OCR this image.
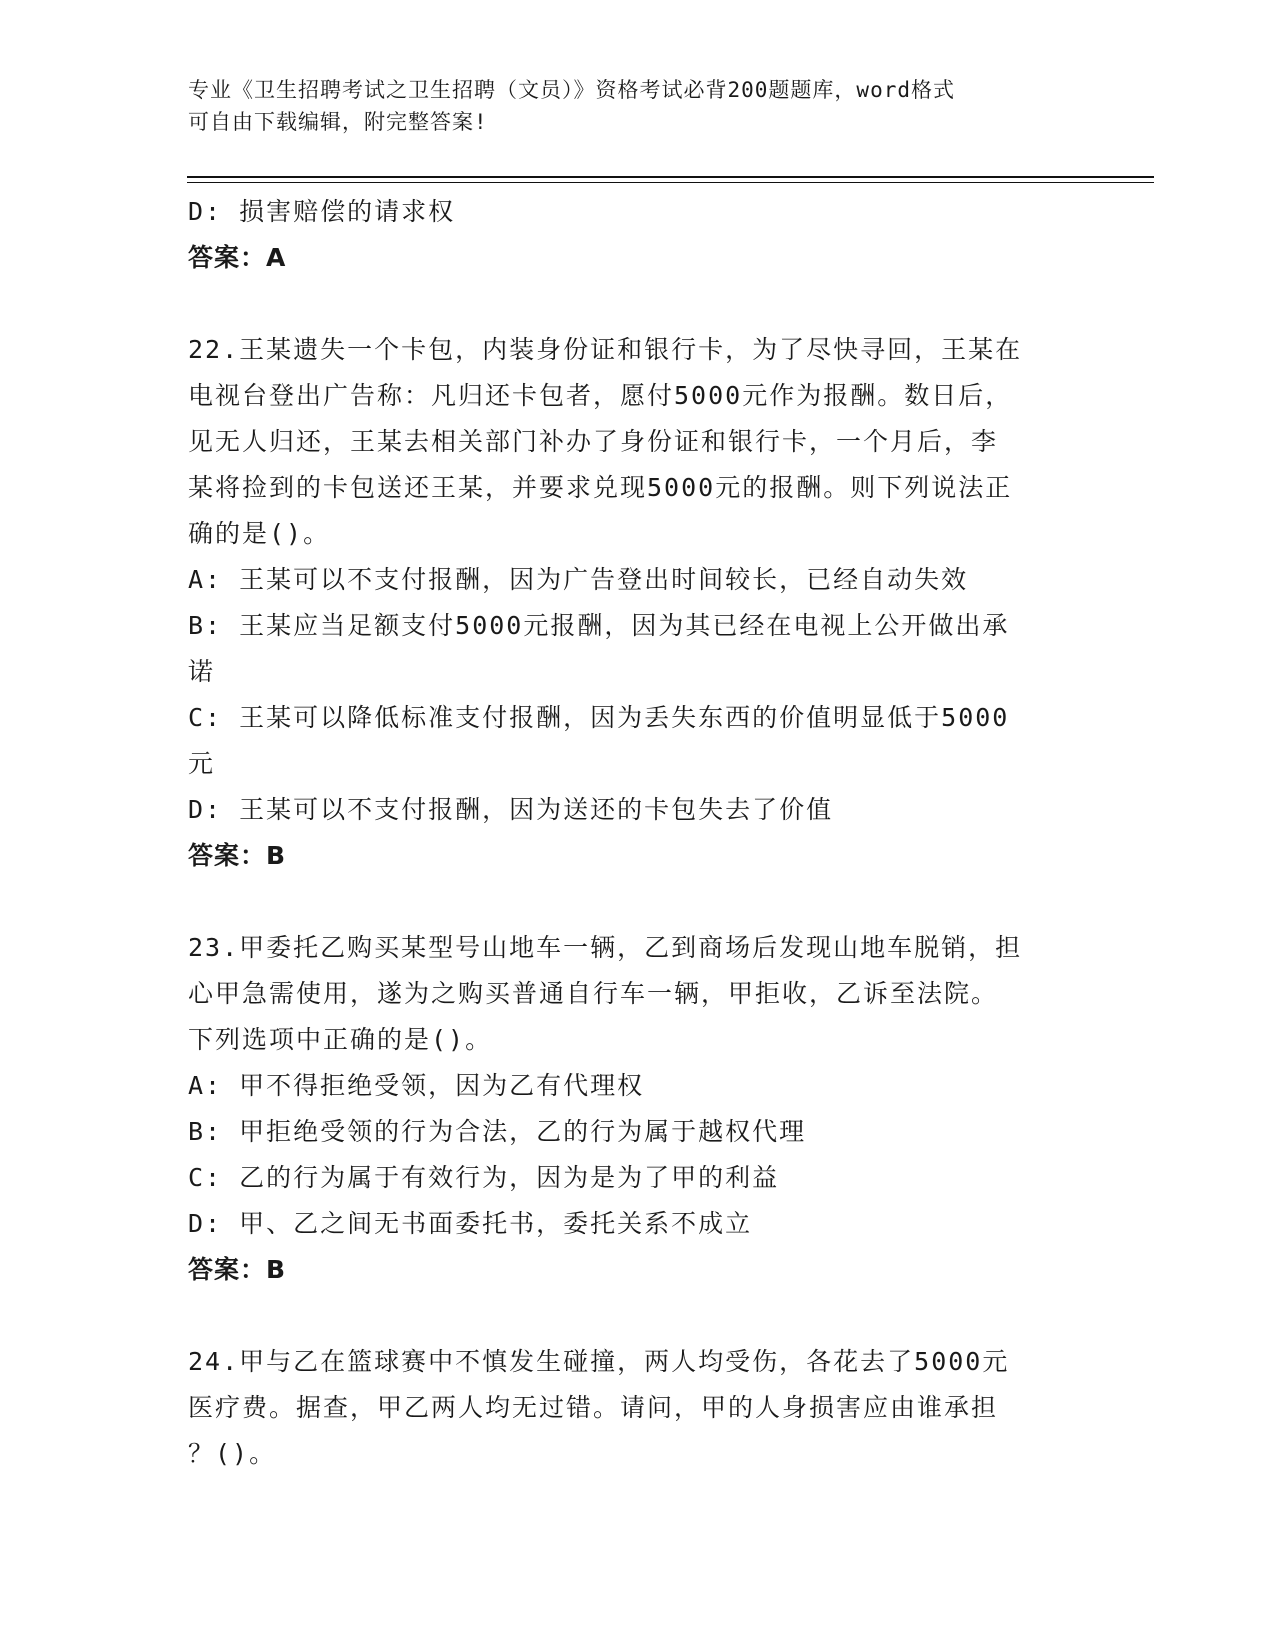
专业《卫生招聘考试之卫生招聘（文员）》资格考试必背200题题库，word格式
可自由下载编辑，附完整答案!
D: 损害赔偿的请求权
答案：A
22.王某遗失一个卡包，内装身份证和银行卡，为了尽快寻回，王某在
电视台登出广告称：凡归还卡包者，愿付5000元作为报酬。数日后，
见无人归还，王某去相关部门补办了身份证和银行卡，一个月后，李
某将捡到的卡包送还王某，并要求兑现5000元的报酬。则下列说法正
确的是()。
A: 王某可以不支付报酬，因为广告登出时间较长，已经自动失效
B: 王某应当足额支付5000元报酬，因为其已经在电视上公开做出承
诺
C: 王某可以降低标准支付报酬，因为丢失东西的价值明显低于5000
元
D: 王某可以不支付报酬，因为送还的卡包失去了价值
答案：B
23.甲委托乙购买某型号山地车一辆，乙到商场后发现山地车脱销，担
心甲急需使用，遂为之购买普通自行车一辆，甲拒收，乙诉至法院。
下列选项中正确的是()。
A: 甲不得拒绝受领，因为乙有代理权
B: 甲拒绝受领的行为合法，乙的行为属于越权代理
C: 乙的行为属于有效行为，因为是为了甲的利益
D: 甲、乙之间无书面委托书，委托关系不成立
答案：B
24.甲与乙在篮球赛中不慎发生碰撞，两人均受伤，各花去了5000元
医疗费。据查，甲乙两人均无过错。请问，甲的人身损害应由谁承担
？()。
